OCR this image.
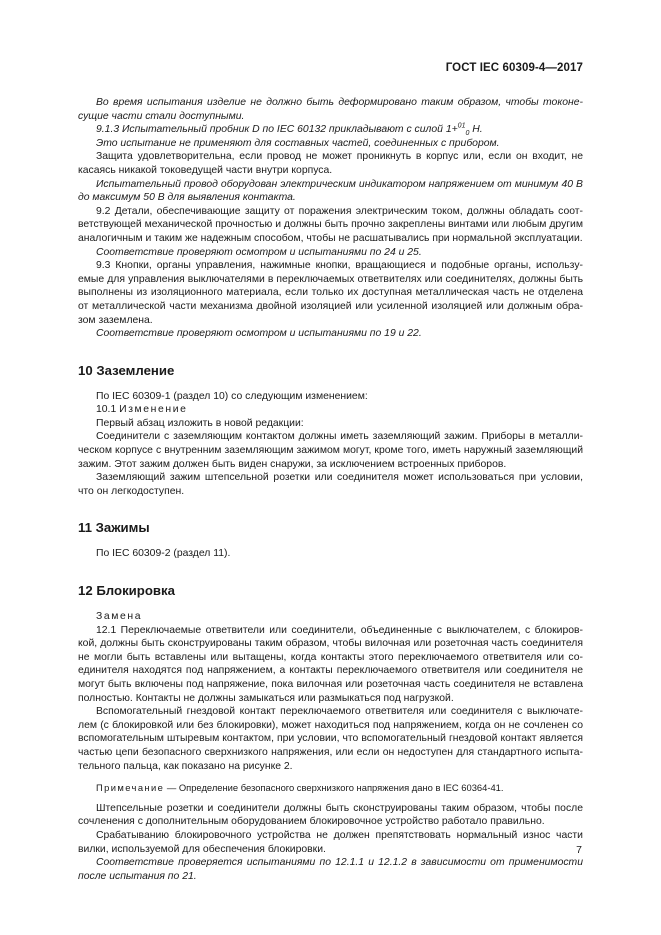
ГОСТ IEC 60309-4—2017

Во время испытания изделие не должно быть деформировано таким образом, чтобы токонесущие части стали доступными.

9.1.3 Испытательный пробник D по IEC 60132 прикладывают с силой 1+$^{01}_0$ Н.

Это испытание не применяют для составных частей, соединенных с прибором.

Защита удовлетворительна, если провод не может проникнуть в корпус или, если он входит, не касаясь никакой токоведущей части внутри корпуса.

Испытательный провод оборудован электрическим индикатором напряжением от минимум 40 В до максимум 50 В для выявления контакта.

9.2 Детали, обеспечивающие защиту от поражения электрическим током, должны обладать соответствующей механической прочностью и должны быть прочно закреплены винтами или любым другим аналогичным и таким же надежным способом, чтобы не расшатывались при нормальной эксплуатации.

Соответствие проверяют осмотром и испытаниями по 24 и 25.

9.3 Кнопки, органы управления, нажимные кнопки, вращающиеся и подобные органы, используемые для управления выключателями в переключаемых ответвителях или соединителях, должны быть выполнены из изоляционного материала, если только их доступная металлическая часть не отделена от металлической части механизма двойной изоляцией или усиленной изоляцией или должным образом заземлена.

Соответствие проверяют осмотром и испытаниями по 19 и 22.

10 Заземление

По IEC 60309-1 (раздел 10) со следующим изменением:

10.1 Изменение

Первый абзац изложить в новой редакции:

Соединители с заземляющим контактом должны иметь заземляющий зажим. Приборы в металлическом корпусе с внутренним заземляющим зажимом могут, кроме того, иметь наружный заземляющий зажим. Этот зажим должен быть виден снаружи, за исключением встроенных приборов.

Заземляющий зажим штепсельной розетки или соединителя может использоваться при условии, что он легкодоступен.

11 Зажимы

По IEC 60309-2 (раздел 11).

12 Блокировка

Замена

12.1 Переключаемые ответвители или соединители, объединенные с выключателем, с блокировкой, должны быть сконструированы таким образом, чтобы вилочная или розеточная часть соединителя не могли быть вставлены или вытащены, когда контакты этого переключаемого ответвителя или соединителя находятся под напряжением, а контакты переключаемого ответвителя или соединителя не могут быть включены под напряжение, пока вилочная или розеточная часть соединителя не вставлена полностью. Контакты не должны замыкаться или размыкаться под нагрузкой.

Вспомогательный гнездовой контакт переключаемого ответвителя или соединителя с выключателем (с блокировкой или без блокировки), может находиться под напряжением, когда он не сочленен со вспомогательным штыревым контактом, при условии, что вспомогательный гнездовой контакт является частью цепи безопасного сверхнизкого напряжения, или если он недоступен для стандартного испытательного пальца, как показано на рисунке 2.

Примечание — Определение безопасного сверхнизкого напряжения дано в IEC 60364-41.

Штепсельные розетки и соединители должны быть сконструированы таким образом, чтобы после сочленения с дополнительным оборудованием блокировочное устройство работало правильно.

Срабатыванию блокировочного устройства не должен препятствовать нормальный износ части вилки, используемой для обеспечения блокировки.

Соответствие проверяется испытаниями по 12.1.1 и 12.1.2 в зависимости от применимости после испытания по 21.

7
